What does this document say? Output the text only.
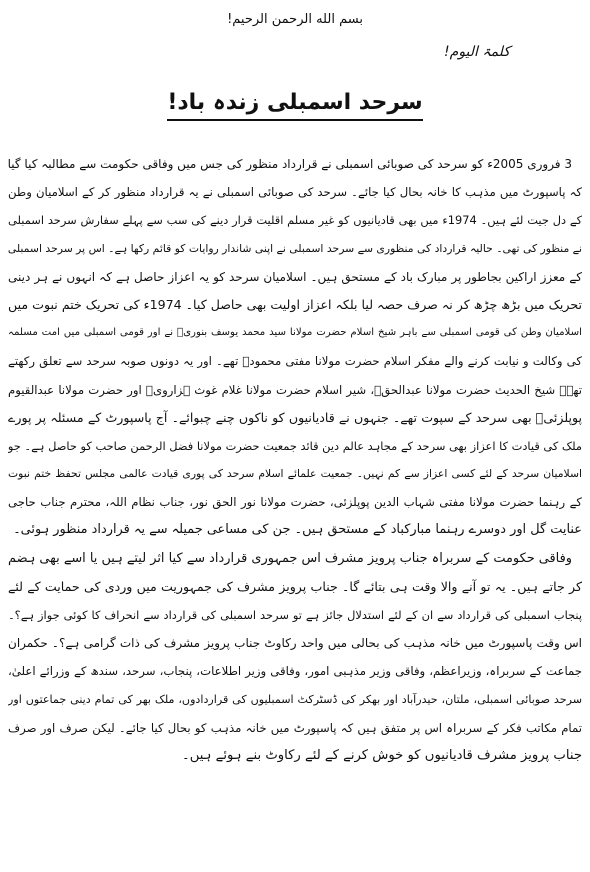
بسم الله الرحمن الرحیم!
کلمۃ الیوم!
سرحد اسمبلی زندہ باد!
3 فروری 2005ء کو سرحد کی صوبائی اسمبلی نے قرارداد منظور کی جس میں وفاقی حکومت سے مطالبہ کیا گیا
کہ پاسپورٹ میں مذہب کا خانہ بحال کیا جائے۔ سرحد کی صوبائی اسمبلی نے یہ قرارداد منظور کر کے اسلامیان وطن
کے دل جیت لئے ہیں۔ 1974ء میں بھی قادیانیوں کو غیر مسلم اقلیت قرار دینے کی سب سے پہلے سفارش سرحد اسمبلی
نے منظور کی تھی۔ حالیہ قرارداد کی منظوری سے سرحد اسمبلی نے اپنی شاندار روایات کو قائم رکھا ہے۔ اس پر سرحد اسمبلی
کے معزز اراکین بجاطور پر مبارک باد کے مستحق ہیں۔ اسلامیان سرحد کو یہ اعزاز حاصل ہے کہ انہوں نے ہر دینی
تحریک میں بڑھ چڑھ کر نہ صرف حصہ لیا بلکہ اعزاز اولیت بھی حاصل کیا۔ 1974ء کی تحریک ختم نبوت میں
اسلامیان وطن کی قومی اسمبلی سے باہر شیخ اسلام حضرت مولانا سید محمد یوسف بنوریؒ نے اور قومی اسمبلی میں امت مسلمہ
کی وکالت و نیابت کرنے والے مفکر اسلام حضرت مولانا مفتی محمودؒ تھے۔ اور یہ دونوں صوبہ سرحد سے تعلق رکھتے
تھے۔ شیخ الحدیث حضرت مولانا عبدالحقؒ، شیر اسلام حضرت مولانا غلام غوث ہزارویؒ اور حضرت مولانا عبدالقیوم
پوپلزئیؒ بھی سرحد کے سپوت تھے۔ جنہوں نے قادیانیوں کو ناکوں چنے چبوائے۔ آج پاسپورٹ کے مسئلہ پر پورے
ملک کی قیادت کا اعزاز بھی سرحد کے مجاہد عالم دین قائد جمعیت حضرت مولانا فضل الرحمن صاحب کو حاصل ہے۔ جو
اسلامیان سرحد کے لئے کسی اعزاز سے کم نہیں۔ جمعیت علمائے اسلام سرحد کی پوری قیادت عالمی مجلس تحفظ ختم نبوت
کے رہنما حضرت مولانا مفتی شہاب الدین پوپلزئی، حضرت مولانا نور الحق نور، جناب نظام اللہ، محترم جناب حاجی
عنایت گل اور دوسرے رہنما مبارکباد کے مستحق ہیں۔ جن کی مساعی جمیلہ سے یہ قرارداد منظور ہوئی۔
وفاقی حکومت کے سربراہ جناب پرویز مشرف اس جمہوری قرارداد سے کیا اثر لیتے ہیں یا اسے بھی ہضم
کر جاتے ہیں۔ یہ تو آنے والا وقت ہی بتائے گا۔ جناب پرویز مشرف کی جمہوریت میں وردی کی حمایت کے لئے
پنجاب اسمبلی کی قرارداد سے ان کے لئے استدلال جائز ہے تو سرحد اسمبلی کی قرارداد سے انحراف کا کوئی جواز ہے؟۔
اس وقت پاسپورٹ میں خانہ مذہب کی بحالی میں واحد رکاوٹ جناب پرویز مشرف کی ذات گرامی ہے؟۔ حکمران
جماعت کے سربراہ، وزیراعظم، وفاقی وزیر مذہبی امور، وفاقی وزیر اطلاعات، پنجاب، سرحد، سندھ کے وزرائے اعلیٰ،
سرحد صوبائی اسمبلی، ملتان، حیدرآباد اور بھکر کی ڈسٹرکٹ اسمبلیوں کی قراردادوں، ملک بھر کی تمام دینی جماعتوں اور
تمام مکاتب فکر کے سربراہ اس پر متفق ہیں کہ پاسپورٹ میں خانہ مذہب کو بحال کیا جائے۔ لیکن صرف اور صرف
جناب پرویز مشرف قادیانیوں کو خوش کرنے کے لئے رکاوٹ بنے ہوئے ہیں۔
